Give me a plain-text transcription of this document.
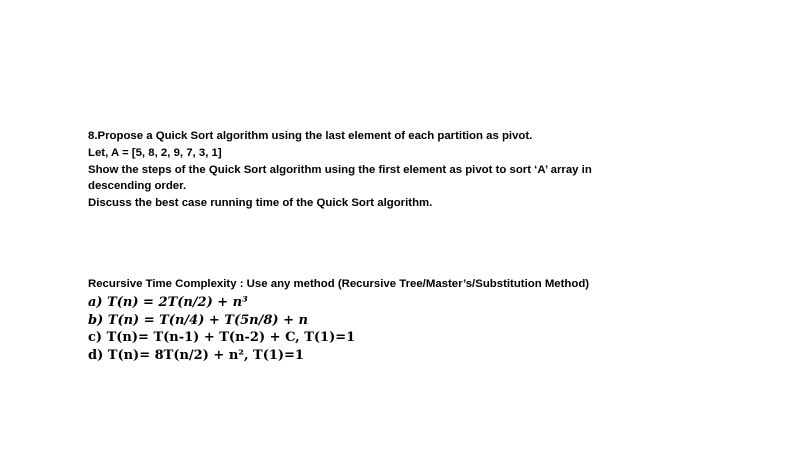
8.Propose a Quick Sort algorithm using the last element of each partition as pivot.

Let, A = [5, 8, 2, 9, 7, 3, 1]

Show the steps of the Quick Sort algorithm using the first element as pivot to sort ‘A’ array in

descending order.

Discuss the best case running time of the Quick Sort algorithm.

Recursive Time Complexity : Use any method (Recursive Tree/Master’s/Substitution Method)

a) T(n) = 2T(n/2) + n³
b) T(n) = T(n/4) + T(5n/8) + n
c) T(n)= T(n-1) + T(n-2) + C, T(1)=1
d) T(n)= 8T(n/2) + n², T(1)=1
